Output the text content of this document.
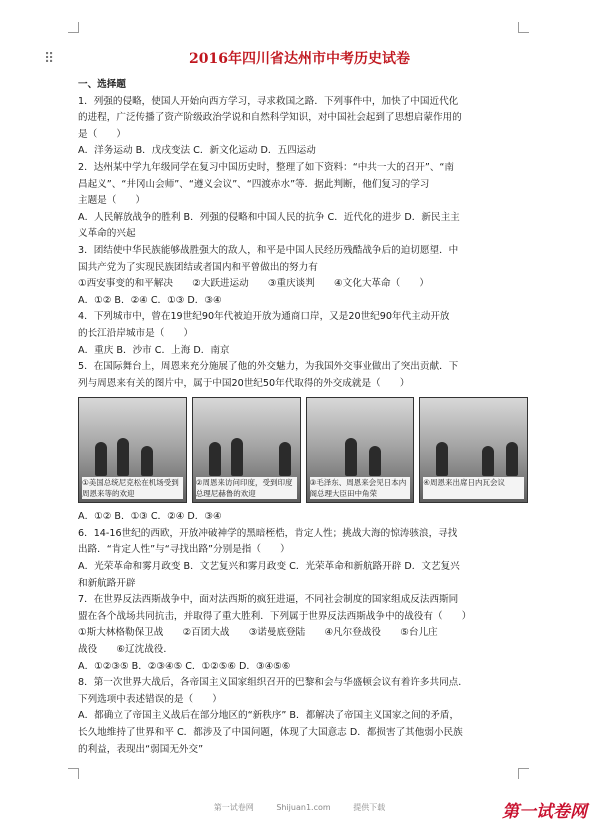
⠿	2016年四川省达州市中考历史试卷
一、选择题
1．列强的侵略，使国人开始向西方学习，寻求救国之路．下列事件中，加快了中国近代化
的进程，广泛传播了资产阶级政治学说和自然科学知识，对中国社会起到了思想启蒙作用的
是（　　）
A．洋务运动 B．戊戌变法 C．新文化运动 D．五四运动
2．达州某中学九年级同学在复习中国历史时，整理了如下资料：“中共一大的召开”、“南
昌起义”、“井冈山会师”、“遵义会议”、“四渡赤水”等．据此判断，他们复习的学习
主题是（　　）
A．人民解放战争的胜利 B．列强的侵略和中国人民的抗争 C．近代化的进步 D．新民主主
义革命的兴起
3．团结使中华民族能够战胜强大的敌人，和平是中国人民经历残酷战争后的迫切愿望．中
国共产党为了实现民族团结或者国内和平曾做出的努力有
①西安事变的和平解决　　②大跃进运动　　③重庆谈判　　④文化大革命（　　）
A．①② B．②④ C．①③ D．③④
4．下列城市中，曾在19世纪90年代被迫开放为通商口岸，又是20世纪90年代主动开放
的长江沿岸城市是（　　）
A．重庆 B．沙市 C．上海 D．南京
5．在国际舞台上，周恩来充分施展了他的外交魅力，为我国外交事业做出了突出贡献．下
列与周恩来有关的图片中，属于中国20世纪50年代取得的外交成就是（　　）
①美国总统尼克松在机场受到周恩来等的欢迎
②周恩来访问印度，受到印度总理尼赫鲁的欢迎
③毛泽东、周恩来会见日本内阁总理大臣田中角荣
④周恩来出席日内瓦会议
A．①② B．①③ C．②④ D．③④
6．14-16世纪的西欧，开放冲破神学的黑暗桎梏，肯定人性；挑战大海的惊涛骇浪，寻找
出路．“肯定人性”与“寻找出路”分别是指（　　）
A．光荣革命和雾月政变 B．文艺复兴和雾月政变 C．光荣革命和新航路开辟 D．文艺复兴
和新航路开辟
7．在世界反法西斯战争中，面对法西斯的疯狂进逼，不同社会制度的国家组成反法西斯同
盟在各个战场共同抗击，并取得了重大胜利．下列属于世界反法西斯战争中的战役有（　　）
①斯大林格勒保卫战　　②百团大战　　③诺曼底登陆　　④凡尔登战役　　⑤台儿庄
战役　　⑥辽沈战役．
A．①②③⑤ B．②③④⑤ C．①②⑤⑥ D．③④⑤⑥
8．第一次世界大战后，各帝国主义国家组织召开的巴黎和会与华盛顿会议有着许多共同点．
下列选项中表述错误的是（　　）
A．都确立了帝国主义战后在部分地区的“新秩序” B．都解决了帝国主义国家之间的矛盾，
长久地维持了世界和平 C．都涉及了中国问题，体现了大国意志 D．都损害了其他弱小民族
的利益，表现出“弱国无外交”
第一试卷网	Shijuan1.com	提供下载	第一试卷网
